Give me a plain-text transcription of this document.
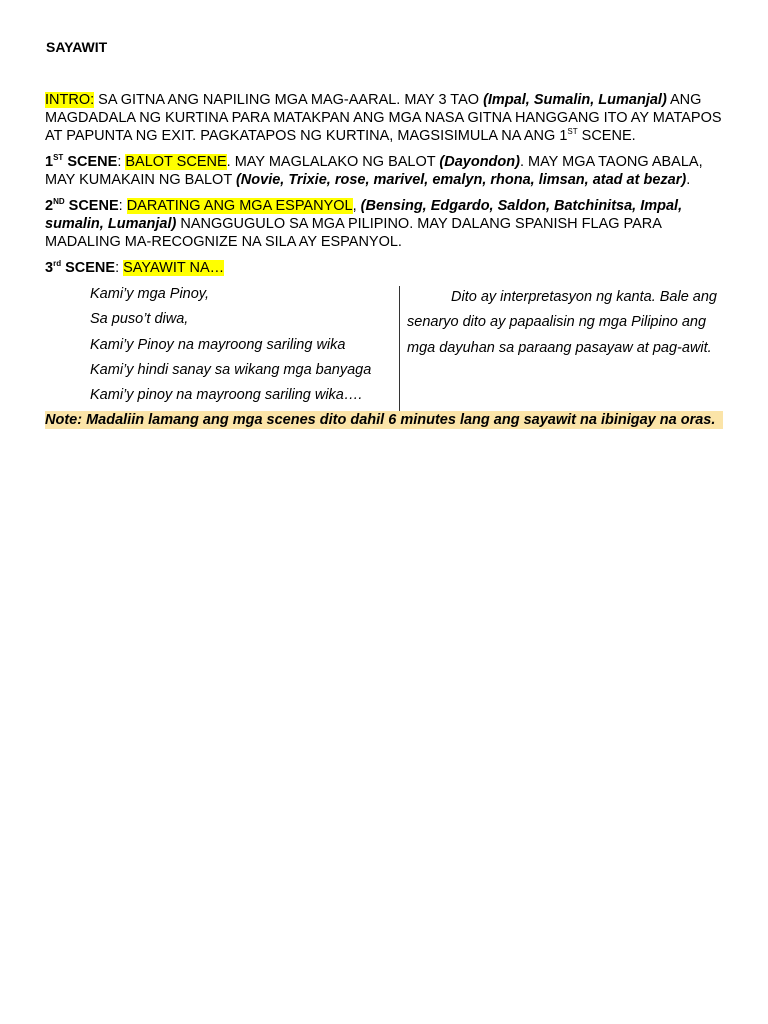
SAYAWIT
INTRO: SA GITNA ANG NAPILING MGA MAG-AARAL. MAY 3 TAO (Impal, Sumalin, Lumanjal) ANG MAGDADALA NG KURTINA PARA MATAKPAN ANG MGA NASA GITNA HANGGANG ITO AY MATAPOS AT PAPUNTA NG EXIT. PAGKATAPOS NG KURTINA, MAGSISIMULA NA ANG 1ST SCENE.
1ST SCENE: BALOT SCENE. MAY MAGLALAKO NG BALOT (Dayondon). MAY MGA TAONG ABALA, MAY KUMAKAIN NG BALOT (Novie, Trixie, rose, marivel, emalyn, rhona, limsan, atad at bezar).
2ND SCENE: DARATING ANG MGA ESPANYOL, (Bensing, Edgardo, Saldon, Batchinitsa, Impal, sumalin, Lumanjal) NANGGUGULO SA MGA PILIPINO. MAY DALANG SPANISH FLAG PARA MADALING MA-RECOGNIZE NA SILA AY ESPANYOL.
3rd SCENE: SAYAWIT NA…
Kami’y mga Pinoy,
Sa puso’t diwa,
Kami’y Pinoy na mayroong sariling wika
Kami’y hindi sanay sa wikang mga banyaga
Kami’y pinoy na mayroong sariling wika….
Dito ay interpretasyon ng kanta. Bale ang senaryo dito ay papaalisin ng mga Pilipino ang mga dayuhan sa paraang pasayaw at pag-awit.
Note: Madaliin lamang ang mga scenes dito dahil 6 minutes lang ang sayawit na ibinigay na oras.
